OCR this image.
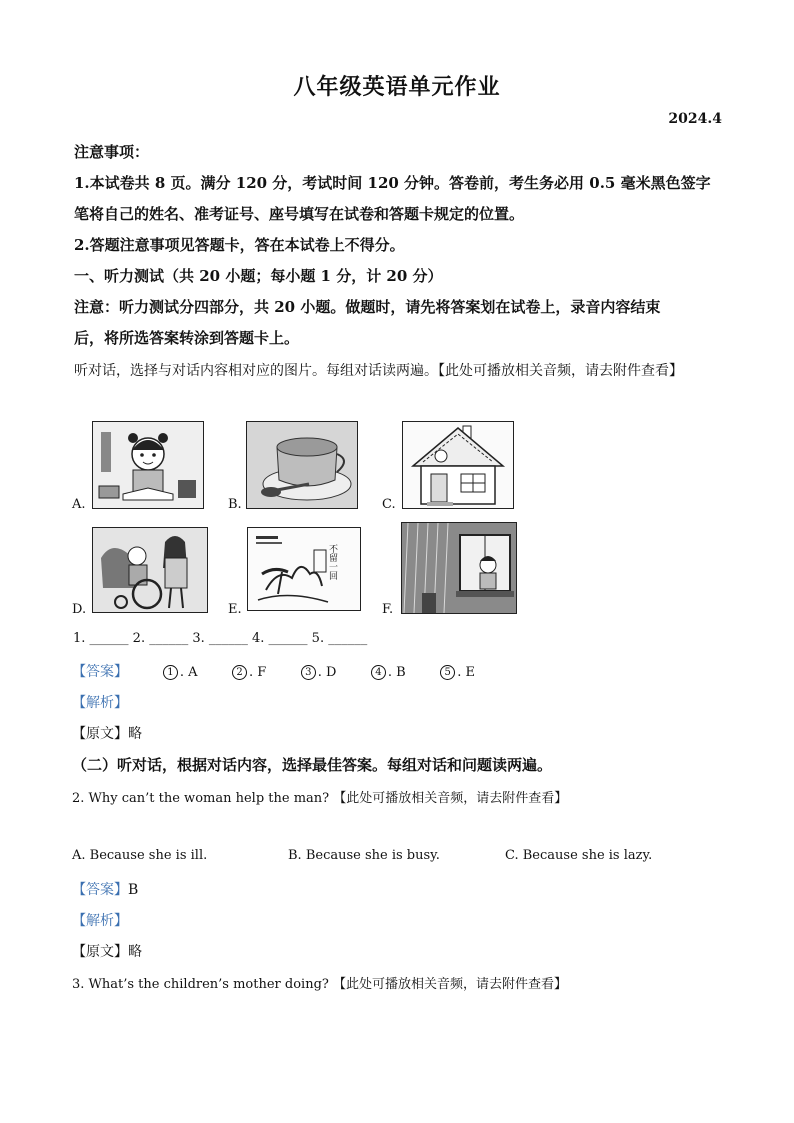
八年级英语单元作业
2024.4
注意事项：
1.本试卷共 8 页。满分 120 分，考试时间 120 分钟。答卷前，考生务必用 0.5 毫米黑色签字
笔将自己的姓名、准考证号、座号填写在试卷和答题卡规定的位置。
2.答题注意事项见答题卡，答在本试卷上不得分。
一、听力测试（共 20 小题；每小题 1 分，计 20 分）
注意：听力测试分四部分，共 20 小题。做题时，请先将答案划在试卷上，录音内容结束
后，将所选答案转涂到答题卡上。
听对话，选择与对话内容相对应的图片。每组对话读两遍。【此处可播放相关音频，请去附件查看】
A.	B.	C.
不留一回
D.	E.	F.
1. ______ 2. ______ 3. ______ 4. ______ 5. ______
【答案】	1 . A	2 . F	3 . D	4 . B	5 . E
【解析】
【原文】略
（二）听对话，根据对话内容，选择最佳答案。每组对话和问题读两遍。
2. Why can’t the woman help the man? 【此处可播放相关音频，请去附件查看】
A. Because she is ill.	B. Because she is busy.	C. Because she is lazy.
【答案】B
【解析】
【原文】略
3. What’s the children’s mother doing? 【此处可播放相关音频，请去附件查看】
